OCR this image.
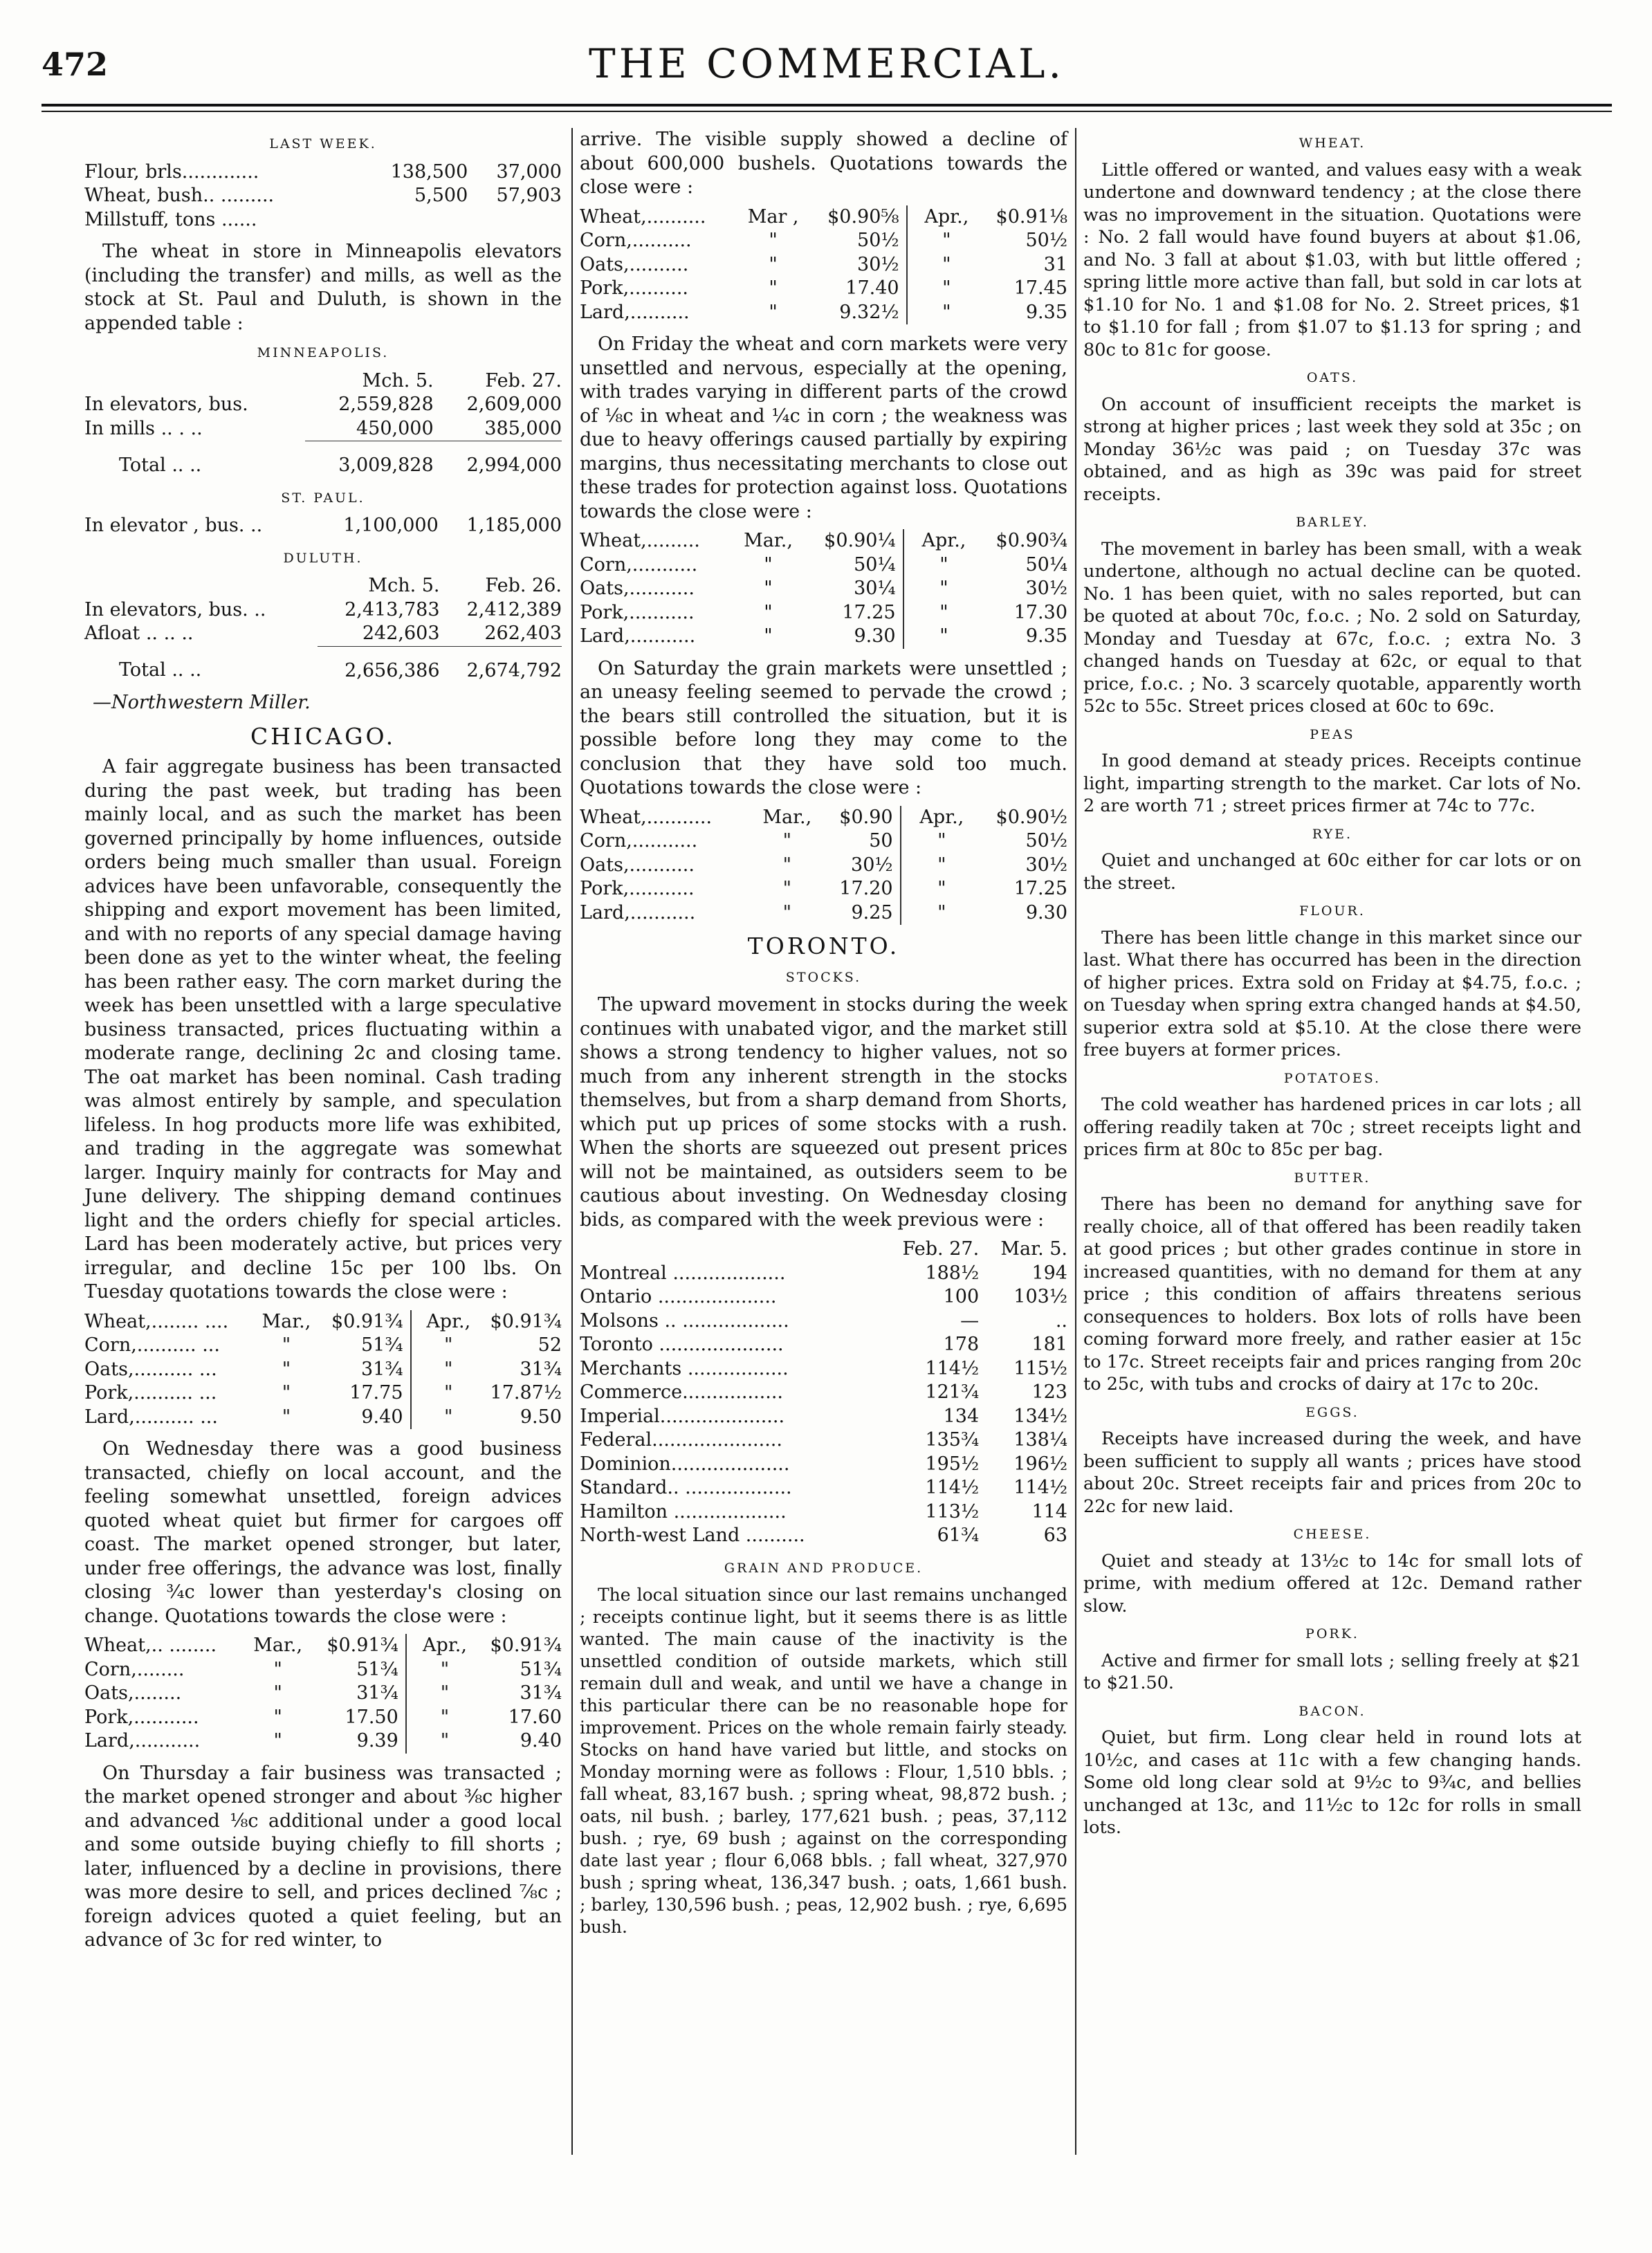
472	THE COMMERCIAL.
LAST WEEK.
Flour, brls.............	138,500	37,000
Wheat, bush.. .........	5,500	57,903
Millstuff, tons ......		

The wheat in store in Minneapolis elevators (including the transfer) and mills, as well as the stock at St. Paul and Duluth, is shown in the appended table :

MINNEAPOLIS.
	Mch. 5.	Feb. 27.
In elevators, bus.	2,559,828	2,609,000
In mills .. . ..	450,000	385,000
Total .. ..	3,009,828	2,994,000
ST. PAUL.
In elevator , bus. ..	1,100,000	1,185,000
DULUTH.
	Mch. 5.	Feb. 26.
In elevators, bus. ..	2,413,783	2,412,389
Afloat .. .. ..	242,603	262,403
Total .. ..	2,656,386	2,674,792
—Northwestern Miller.
CHICAGO.

A fair aggregate business has been transacted during the past week, but trading has been mainly local, and as such the market has been governed principally by home influences, outside orders being much smaller than usual. Foreign advices have been unfavorable, consequently the shipping and export movement has been limited, and with no reports of any special damage having been done as yet to the winter wheat, the feeling has been rather easy. The corn market during the week has been unsettled with a large speculative business transacted, prices fluctuating within a moderate range, declining 2c and closing tame. The oat market has been nominal. Cash trading was almost entirely by sample, and speculation lifeless. In hog products more life was exhibited, and trading in the aggregate was somewhat larger. Inquiry mainly for contracts for May and June delivery. The shipping demand continues light and the orders chiefly for special articles. Lard has been moderately active, but prices very irregular, and decline 15c per 100 lbs. On Tuesday quotations towards the close were :

Wheat,........ ....	Mar.,	$0.91¾	Apr.,	$0.91¾
Corn,.......... ...	"	51¾	"	52
Oats,.......... ...	"	31¾	"	31¾
Pork,.......... ...	"	17.75	"	17.87½
Lard,.......... ...	"	9.40	"	9.50

On Wednesday there was a good business transacted, chiefly on local account, and the feeling somewhat unsettled, foreign advices quoted wheat quiet but firmer for cargoes off coast. The market opened stronger, but later, under free offerings, the advance was lost, finally closing ¾c lower than yesterday's closing on change. Quotations towards the close were :

Wheat,.. ........	Mar.,	$0.91¾	Apr.,	$0.91¾
Corn,........	"	51¾	"	51¾
Oats,........	"	31¾	"	31¾
Pork,...........	"	17.50	"	17.60
Lard,...........	"	9.39	"	9.40

On Thursday a fair business was transacted ; the market opened stronger and about ⅜c higher and advanced ⅛c additional under a good local and some outside buying chiefly to fill shorts ; later, influenced by a decline in provisions, there was more desire to sell, and prices declined ⅞c ; foreign advices quoted a quiet feeling, but an advance of 3c for red winter, to

arrive. The visible supply showed a decline of about 600,000 bushels. Quotations towards the close were :

Wheat,..........	Mar ,	$0.90⅝	Apr.,	$0.91⅛
Corn,..........	"	50½	"	50½
Oats,..........	"	30½	"	31
Pork,..........	"	17.40	"	17.45
Lard,..........	"	9.32½	"	9.35

On Friday the wheat and corn markets were very unsettled and nervous, especially at the opening, with trades varying in different parts of the crowd of ⅛c in wheat and ¼c in corn ; the weakness was due to heavy offerings caused partially by expiring margins, thus necessitating merchants to close out these trades for protection against loss. Quotations towards the close were :

Wheat,.........	Mar.,	$0.90¼	Apr.,	$0.90¾
Corn,...........	"	50¼	"	50¼
Oats,...........	"	30¼	"	30½
Pork,...........	"	17.25	"	17.30
Lard,...........	"	9.30	"	9.35

On Saturday the grain markets were unsettled ; an uneasy feeling seemed to pervade the crowd ; the bears still controlled the situation, but it is possible before long they may come to the conclusion that they have sold too much. Quotations towards the close were :

Wheat,...........	Mar.,	$0.90	Apr.,	$0.90½
Corn,...........	"	50	"	50½
Oats,...........	"	30½	"	30½
Pork,...........	"	17.20	"	17.25
Lard,...........	"	9.25	"	9.30
TORONTO.
STOCKS.

The upward movement in stocks during the week continues with unabated vigor, and the market still shows a strong tendency to higher values, not so much from any inherent strength in the stocks themselves, but from a sharp demand from Shorts, which put up prices of some stocks with a rush. When the shorts are squeezed out present prices will not be maintained, as outsiders seem to be cautious about investing. On Wednesday closing bids, as compared with the week previous were :

	Feb. 27.	Mar. 5.
Montreal ...................	188½	194
Ontario ....................	100	103½
Molsons .. ..................	—	..
Toronto .....................	178	181
Merchants .................	114½	115½
Commerce.................	121¾	123
Imperial.....................	134	134½
Federal......................	135¾	138¼
Dominion....................	195½	196½
Standard.. ..................	114½	114½
Hamilton ...................	113½	114
North-west Land ..........	61¾	63
GRAIN AND PRODUCE.

The local situation since our last remains unchanged ; receipts continue light, but it seems there is as little wanted. The main cause of the inactivity is the unsettled condition of outside markets, which still remain dull and weak, and until we have a change in this particular there can be no reasonable hope for improvement. Prices on the whole remain fairly steady. Stocks on hand have varied but little, and stocks on Monday morning were as follows : Flour, 1,510 bbls. ; fall wheat, 83,167 bush. ; spring wheat, 98,872 bush. ; oats, nil bush. ; barley, 177,621 bush. ; peas, 37,112 bush. ; rye, 69 bush ; against on the corresponding date last year ; flour 6,068 bbls. ; fall wheat, 327,970 bush ; spring wheat, 136,347 bush. ; oats, 1,661 bush. ; barley, 130,596 bush. ; peas, 12,902 bush. ; rye, 6,695 bush.

WHEAT.

Little offered or wanted, and values easy with a weak undertone and downward tendency ; at the close there was no improvement in the situation. Quotations were : No. 2 fall would have found buyers at about $1.06, and No. 3 fall at about $1.03, with but little offered ; spring little more active than fall, but sold in car lots at $1.10 for No. 1 and $1.08 for No. 2. Street prices, $1 to $1.10 for fall ; from $1.07 to $1.13 for spring ; and 80c to 81c for goose.

OATS.

On account of insufficient receipts the market is strong at higher prices ; last week they sold at 35c ; on Monday 36½c was paid ; on Tuesday 37c was obtained, and as high as 39c was paid for street receipts.

BARLEY.

The movement in barley has been small, with a weak undertone, although no actual decline can be quoted. No. 1 has been quiet, with no sales reported, but can be quoted at about 70c, f.o.c. ; No. 2 sold on Saturday, Monday and Tuesday at 67c, f.o.c. ; extra No. 3 changed hands on Tuesday at 62c, or equal to that price, f.o.c. ; No. 3 scarcely quotable, apparently worth 52c to 55c. Street prices closed at 60c to 69c.

PEAS

In good demand at steady prices. Receipts continue light, imparting strength to the market. Car lots of No. 2 are worth 71 ; street prices firmer at 74c to 77c.

RYE.

Quiet and unchanged at 60c either for car lots or on the street.

FLOUR.

There has been little change in this market since our last. What there has occurred has been in the direction of higher prices. Extra sold on Friday at $4.75, f.o.c. ; on Tuesday when spring extra changed hands at $4.50, superior extra sold at $5.10. At the close there were free buyers at former prices.

POTATOES.

The cold weather has hardened prices in car lots ; all offering readily taken at 70c ; street receipts light and prices firm at 80c to 85c per bag.

BUTTER.

There has been no demand for anything save for really choice, all of that offered has been readily taken at good prices ; but other grades continue in store in increased quantities, with no demand for them at any price ; this condition of affairs threatens serious consequences to holders. Box lots of rolls have been coming forward more freely, and rather easier at 15c to 17c. Street receipts fair and prices ranging from 20c to 25c, with tubs and crocks of dairy at 17c to 20c.

EGGS.

Receipts have increased during the week, and have been sufficient to supply all wants ; prices have stood about 20c. Street receipts fair and prices from 20c to 22c for new laid.

CHEESE.

Quiet and steady at 13½c to 14c for small lots of prime, with medium offered at 12c. Demand rather slow.

PORK.

Active and firmer for small lots ; selling freely at $21 to $21.50.

BACON.

Quiet, but firm. Long clear held in round lots at 10½c, and cases at 11c with a few changing hands. Some old long clear sold at 9½c to 9¾c, and bellies unchanged at 13c, and 11½c to 12c for rolls in small lots.
